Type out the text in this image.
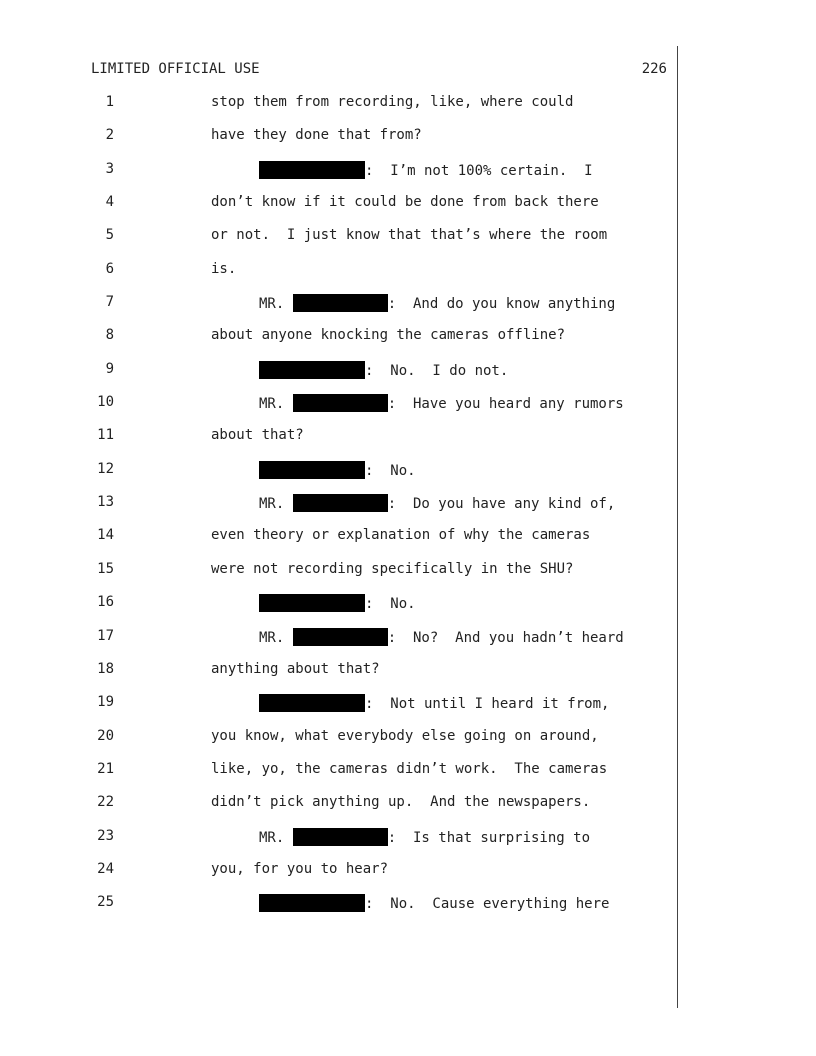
LIMITED OFFICIAL USE	226
1	stop them from recording, like, where could
2	have they done that from?
3	:  I’m not 100% certain.  I
4	don’t know if it could be done from back there
5	or not.  I just know that that’s where the room
6	is.
7	MR.	:  And do you know anything
8	about anyone knocking the cameras offline?
9	:  No.  I do not.
10	MR.	:  Have you heard any rumors
11	about that?
12	:  No.
13	MR.	:  Do you have any kind of,
14	even theory or explanation of why the cameras
15	were not recording specifically in the SHU?
16	:  No.
17	MR.	:  No?  And you hadn’t heard
18	anything about that?
19	:  Not until I heard it from,
20	you know, what everybody else going on around,
21	like, yo, the cameras didn’t work.  The cameras
22	didn’t pick anything up.  And the newspapers.
23	MR.	:  Is that surprising to
24	you, for you to hear?
25	:  No.  Cause everything here
